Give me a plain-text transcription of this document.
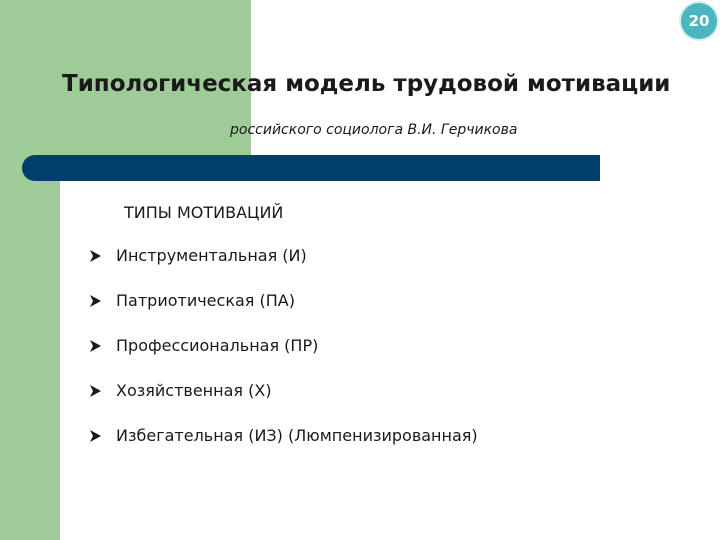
20
Типологическая модель трудовой мотивации

российского социолога В.И. Герчикова

ТИПЫ МОТИВАЦИЙ

Инструментальная (И)
Патриотическая (ПА)
Профессиональная (ПР)
Хозяйственная (Х)
Избегательная (ИЗ) (Люмпенизированная)
